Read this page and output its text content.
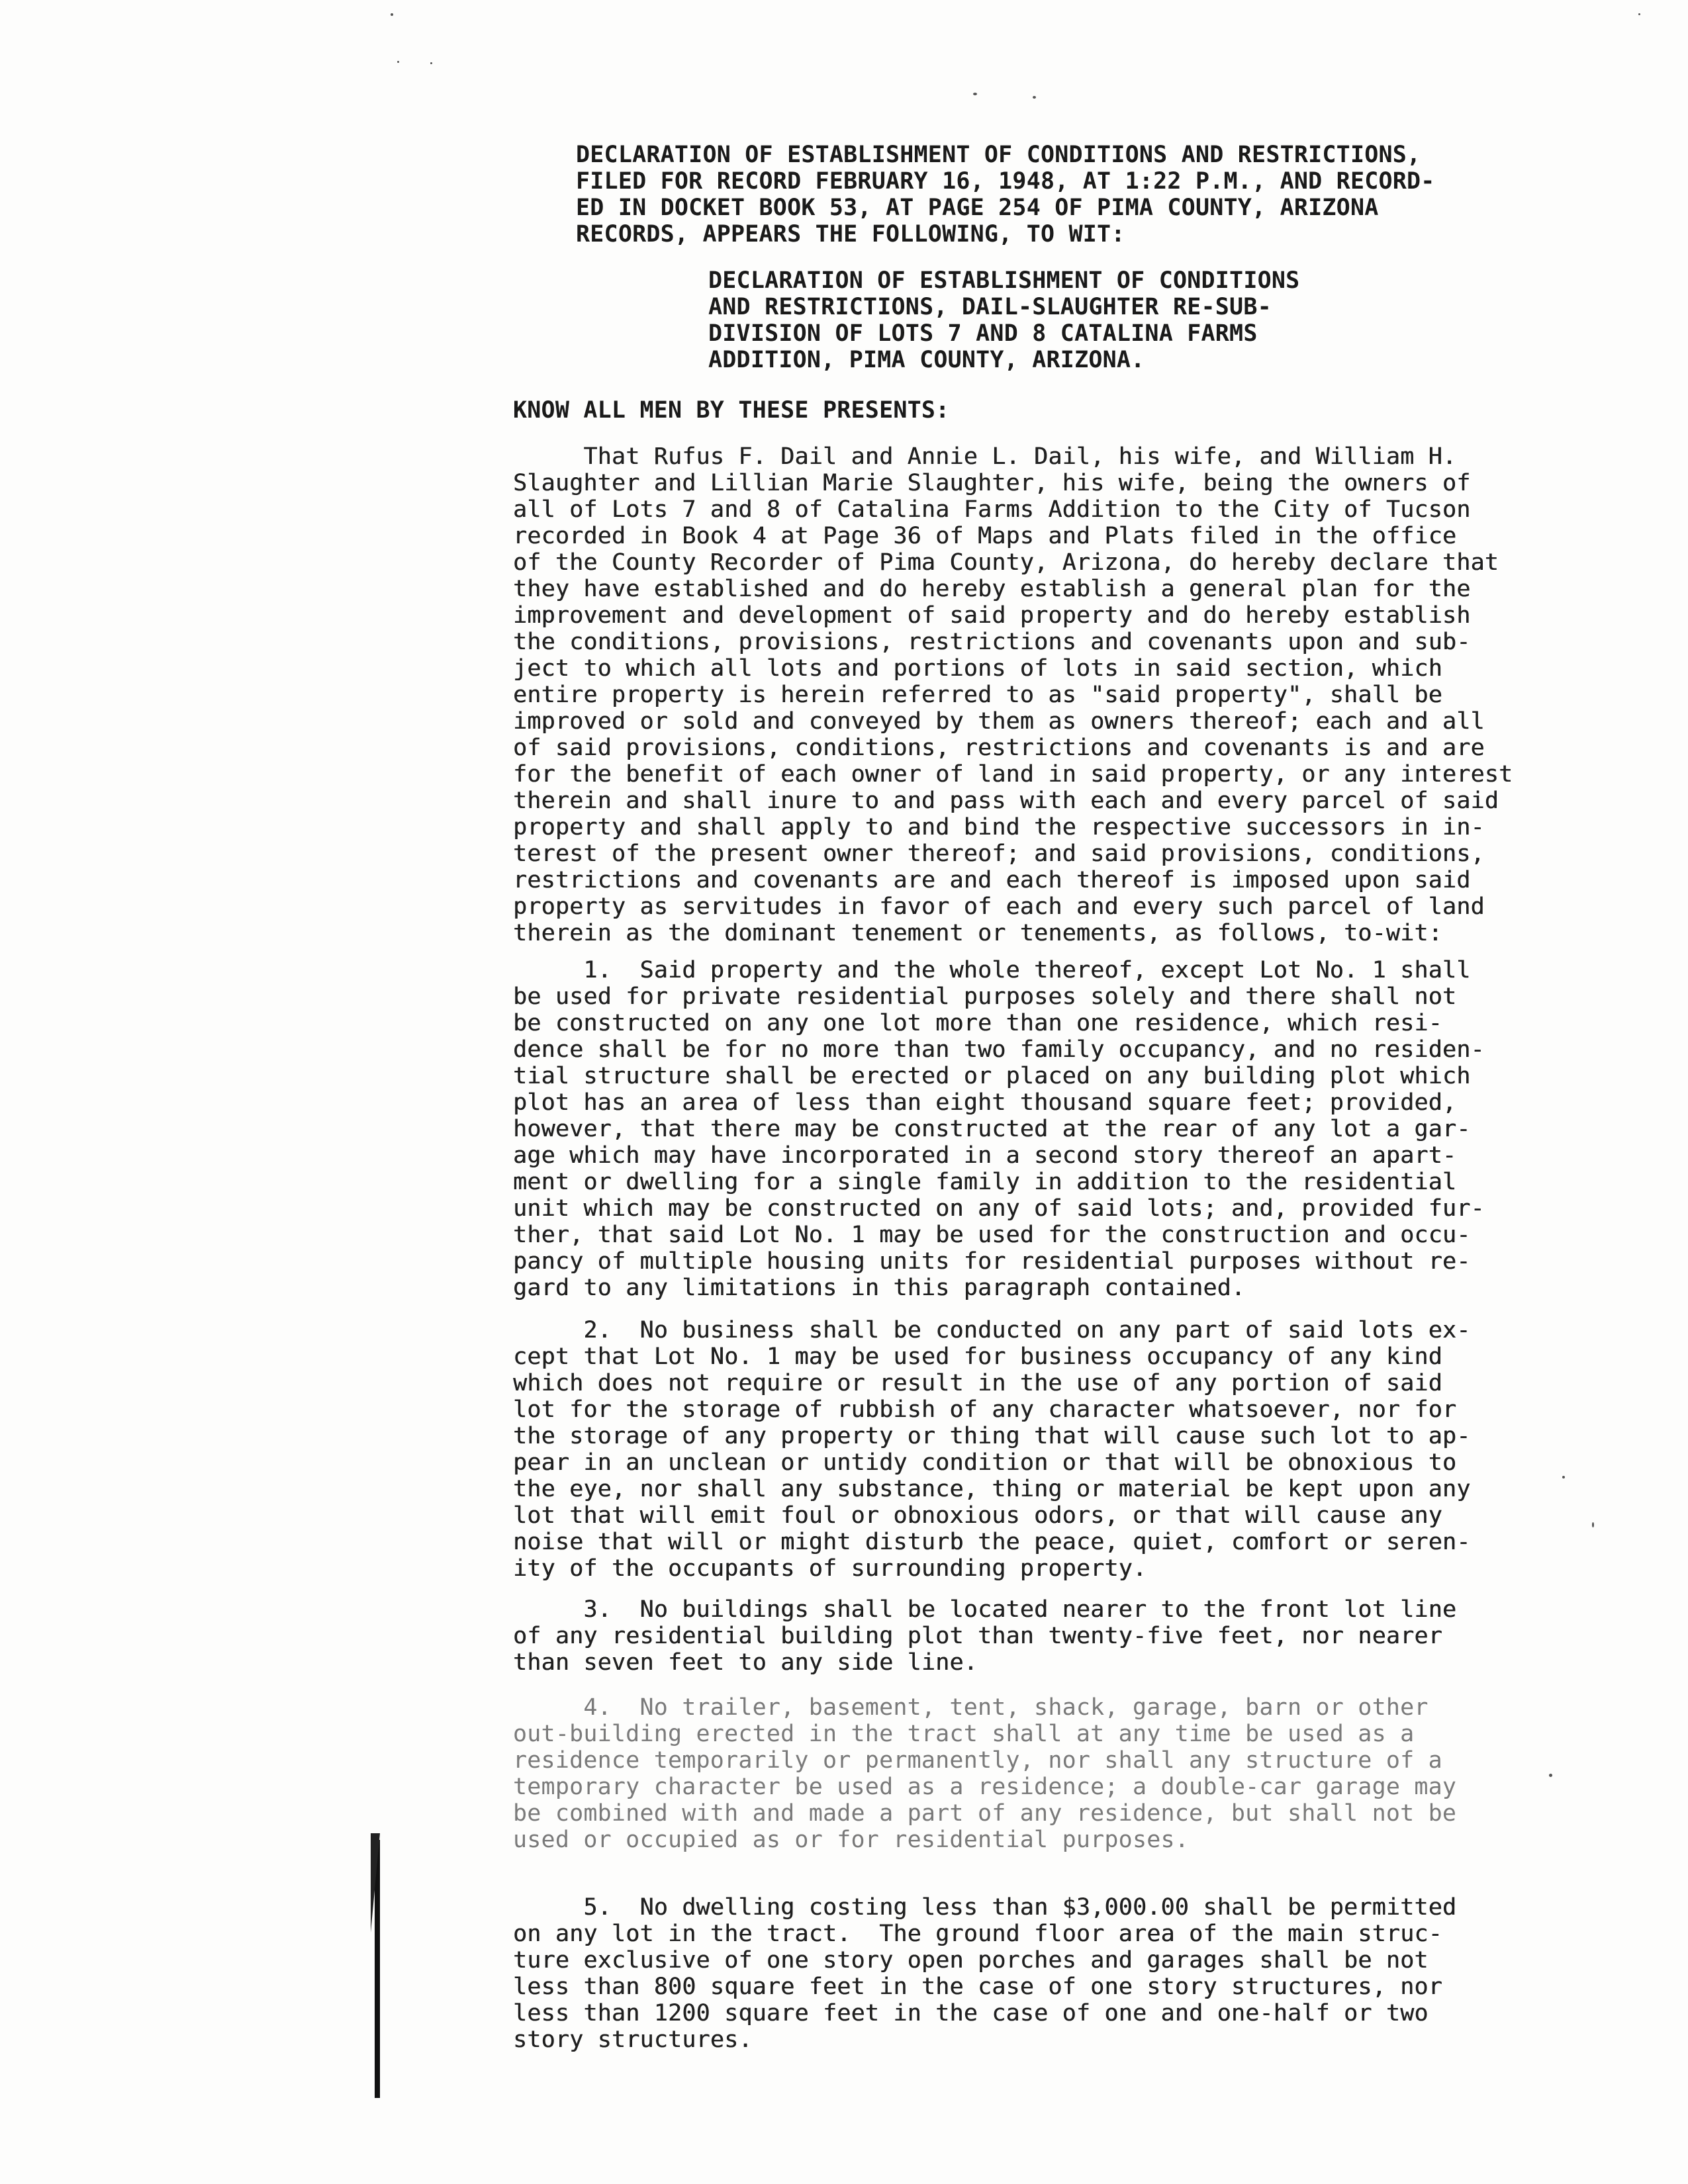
DECLARATION OF ESTABLISHMENT OF CONDITIONS AND RESTRICTIONS,
FILED FOR RECORD FEBRUARY 16, 1948, AT 1:22 P.M., AND RECORD-
ED IN DOCKET BOOK 53, AT PAGE 254 OF PIMA COUNTY, ARIZONA
RECORDS, APPEARS THE FOLLOWING, TO WIT:
DECLARATION OF ESTABLISHMENT OF CONDITIONS
AND RESTRICTIONS, DAIL-SLAUGHTER RE-SUB-
DIVISION OF LOTS 7 AND 8 CATALINA FARMS
ADDITION, PIMA COUNTY, ARIZONA.
KNOW ALL MEN BY THESE PRESENTS:
That Rufus F. Dail and Annie L. Dail, his wife, and William H.
Slaughter and Lillian Marie Slaughter, his wife, being the owners of
all of Lots 7 and 8 of Catalina Farms Addition to the City of Tucson
recorded in Book 4 at Page 36 of Maps and Plats filed in the office
of the County Recorder of Pima County, Arizona, do hereby declare that
they have established and do hereby establish a general plan for the
improvement and development of said property and do hereby establish
the conditions, provisions, restrictions and covenants upon and sub-
ject to which all lots and portions of lots in said section, which
entire property is herein referred to as "said property", shall be
improved or sold and conveyed by them as owners thereof; each and all
of said provisions, conditions, restrictions and covenants is and are
for the benefit of each owner of land in said property, or any interest
therein and shall inure to and pass with each and every parcel of said
property and shall apply to and bind the respective successors in in-
terest of the present owner thereof; and said provisions, conditions,
restrictions and covenants are and each thereof is imposed upon said
property as servitudes in favor of each and every such parcel of land
therein as the dominant tenement or tenements, as follows, to-wit:
1.  Said property and the whole thereof, except Lot No. 1 shall
be used for private residential purposes solely and there shall not
be constructed on any one lot more than one residence, which resi-
dence shall be for no more than two family occupancy, and no residen-
tial structure shall be erected or placed on any building plot which
plot has an area of less than eight thousand square feet; provided,
however, that there may be constructed at the rear of any lot a gar-
age which may have incorporated in a second story thereof an apart-
ment or dwelling for a single family in addition to the residential
unit which may be constructed on any of said lots; and, provided fur-
ther, that said Lot No. 1 may be used for the construction and occu-
pancy of multiple housing units for residential purposes without re-
gard to any limitations in this paragraph contained.
2.  No business shall be conducted on any part of said lots ex-
cept that Lot No. 1 may be used for business occupancy of any kind
which does not require or result in the use of any portion of said
lot for the storage of rubbish of any character whatsoever, nor for
the storage of any property or thing that will cause such lot to ap-
pear in an unclean or untidy condition or that will be obnoxious to
the eye, nor shall any substance, thing or material be kept upon any
lot that will emit foul or obnoxious odors, or that will cause any
noise that will or might disturb the peace, quiet, comfort or seren-
ity of the occupants of surrounding property.
3.  No buildings shall be located nearer to the front lot line
of any residential building plot than twenty-five feet, nor nearer
than seven feet to any side line.
4.  No trailer, basement, tent, shack, garage, barn or other
out-building erected in the tract shall at any time be used as a
residence temporarily or permanently, nor shall any structure of a
temporary character be used as a residence; a double-car garage may
be combined with and made a part of any residence, but shall not be
used or occupied as or for residential purposes.
5.  No dwelling costing less than $3,000.00 shall be permitted
on any lot in the tract.  The ground floor area of the main struc-
ture exclusive of one story open porches and garages shall be not
less than 800 square feet in the case of one story structures, nor
less than 1200 square feet in the case of one and one-half or two
story structures.
